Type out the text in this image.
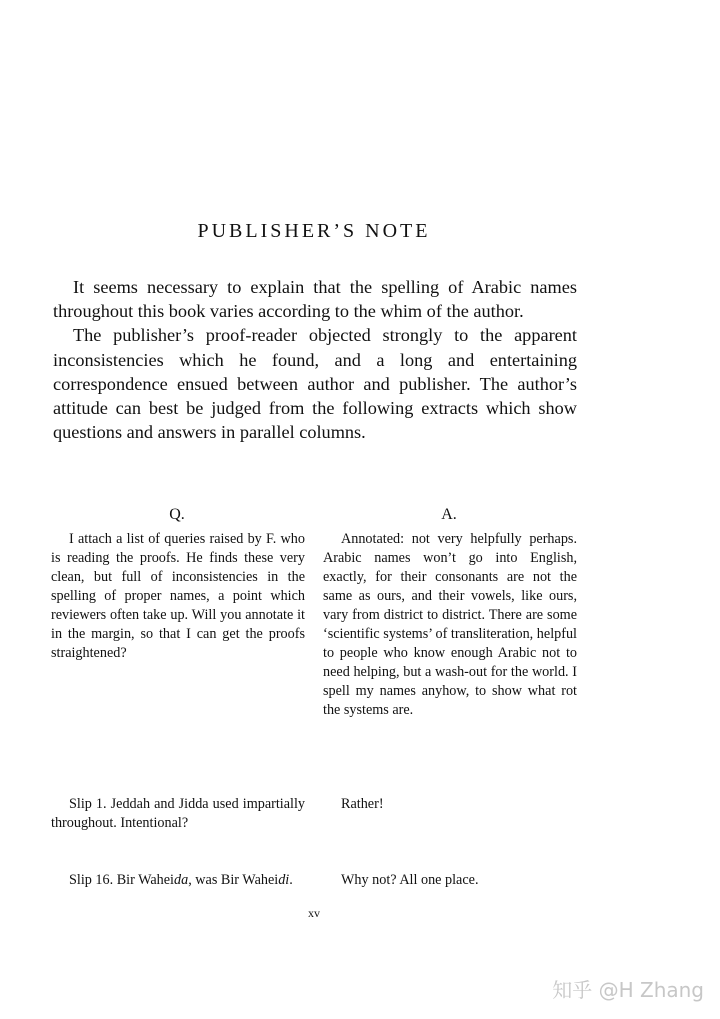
PUBLISHER’S NOTE

It seems necessary to explain that the spelling of Arabic names throughout this book varies according to the whim of the author.

The publisher’s proof-reader objected strongly to the apparent inconsistencies which he found, and a long and entertaining correspondence ensued between author and publisher. The author’s attitude can best be judged from the following extracts which show questions and answers in parallel columns.

Q.	A.

I attach a list of queries raised by F. who is reading the proofs. He finds these very clean, but full of inconsistencies in the spelling of proper names, a point which reviewers often take up. Will you annotate it in the margin, so that I can get the proofs straightened?

Annotated: not very helpfully perhaps. Arabic names won’t go into English, exactly, for their consonants are not the same as ours, and their vowels, like ours, vary from district to district. There are some ‘scientific systems’ of transliteration, helpful to people who know enough Arabic not to need helping, but a wash-out for the world. I spell my names anyhow, to show what rot the systems are.

Slip 1. Jeddah and Jidda used impartially throughout. Intentional?

Rather!

Slip 16. Bir Waheida, was Bir Waheidi.	Why not? All one place.

xv
知乎 @H Zhang
